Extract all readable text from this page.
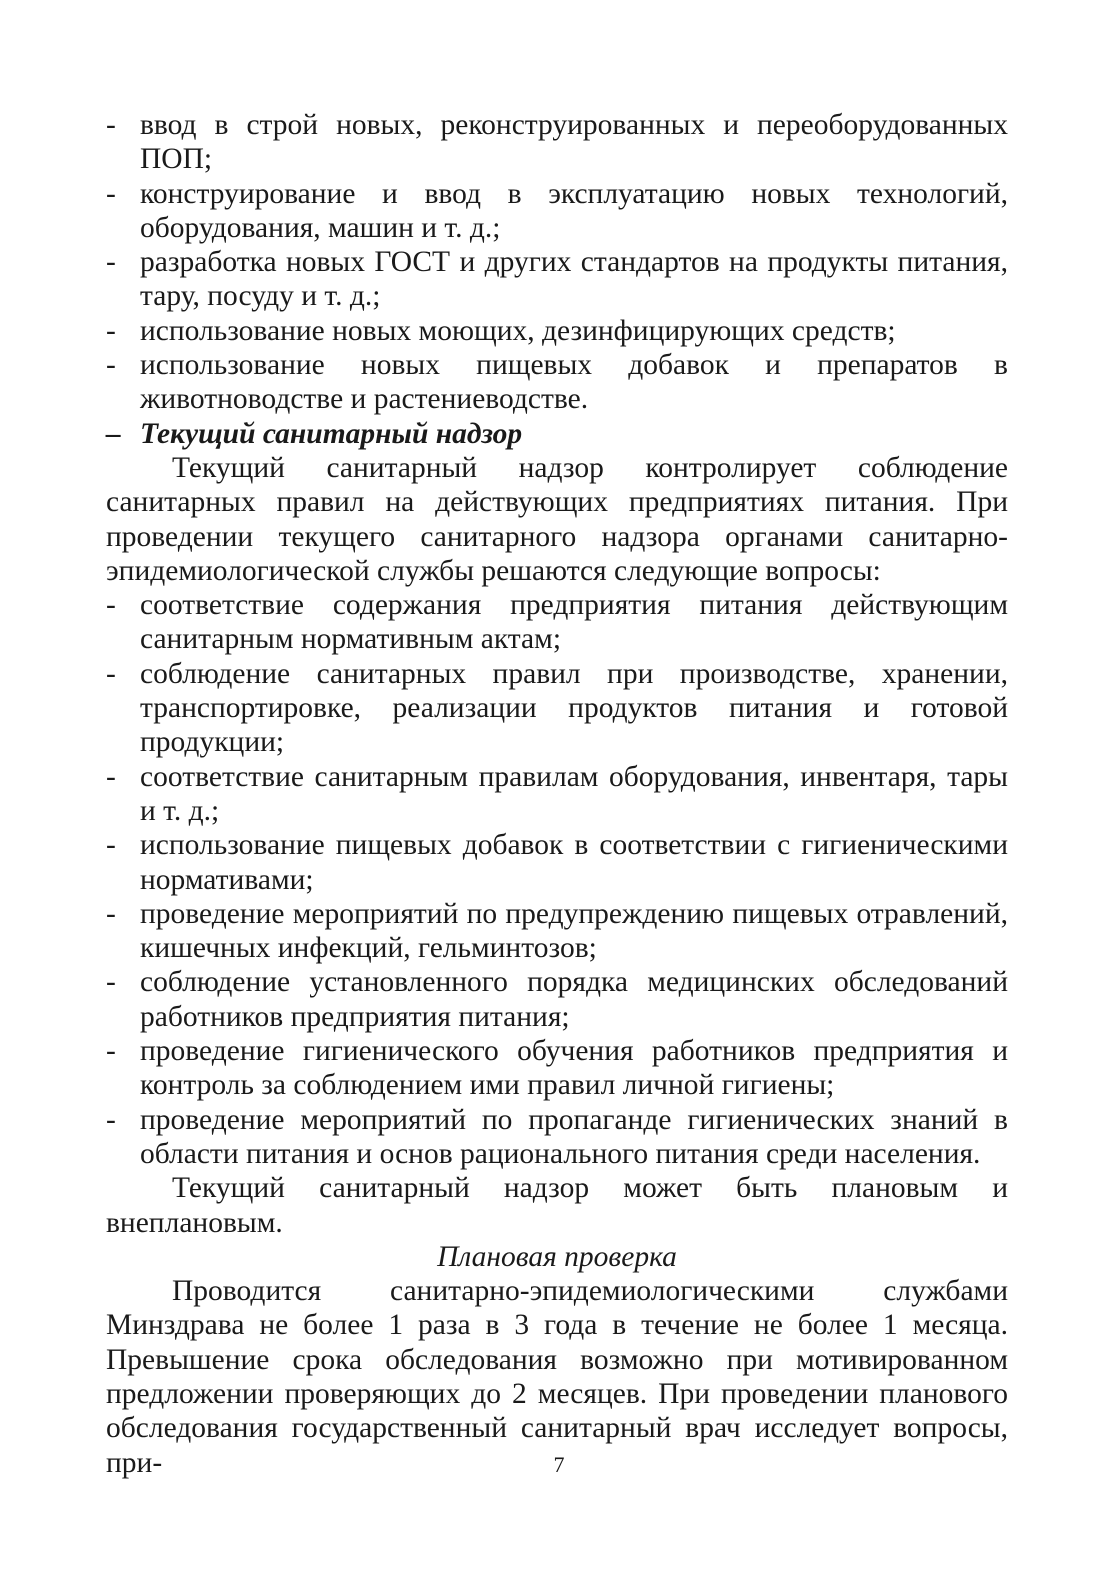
- ввод в строй новых, реконструированных и переоборудованных ПОП;
- конструирование и ввод в эксплуатацию новых технологий, оборудования, машин и т. д.;
- разработка новых ГОСТ и других стандартов на продукты питания, тару, посуду и т. д.;
- использование новых моющих, дезинфицирующих средств;
- использование новых пищевых добавок и препаратов в животноводстве и растениеводстве.
– Текущий санитарный надзор
Текущий санитарный надзор контролирует соблюдение санитарных правил на действующих предприятиях питания. При проведении текущего санитарного надзора органами санитарно-эпидемиологической службы решаются следующие вопросы:
- соответствие содержания предприятия питания действующим санитарным нормативным актам;
- соблюдение санитарных правил при производстве, хранении, транспортировке, реализации продуктов питания и готовой продукции;
- соответствие санитарным правилам оборудования, инвентаря, тары и т. д.;
- использование пищевых добавок в соответствии с гигиеническими нормативами;
- проведение мероприятий по предупреждению пищевых отравлений, кишечных инфекций, гельминтозов;
- соблюдение установленного порядка медицинских обследований работников предприятия питания;
- проведение гигиенического обучения работников предприятия и контроль за соблюдением ими правил личной гигиены;
- проведение мероприятий по пропаганде гигиенических знаний в области питания и основ рационального питания среди населения.
Текущий санитарный надзор может быть плановым и внеплановым.
Плановая проверка
Проводится санитарно-эпидемиологическими службами Минздрава не более 1 раза в 3 года в течение не более 1 месяца. Превышение срока обследования возможно при мотивированном предложении проверяющих до 2 месяцев. При проведении планового обследования государственный санитарный врач исследует вопросы, при-	7
